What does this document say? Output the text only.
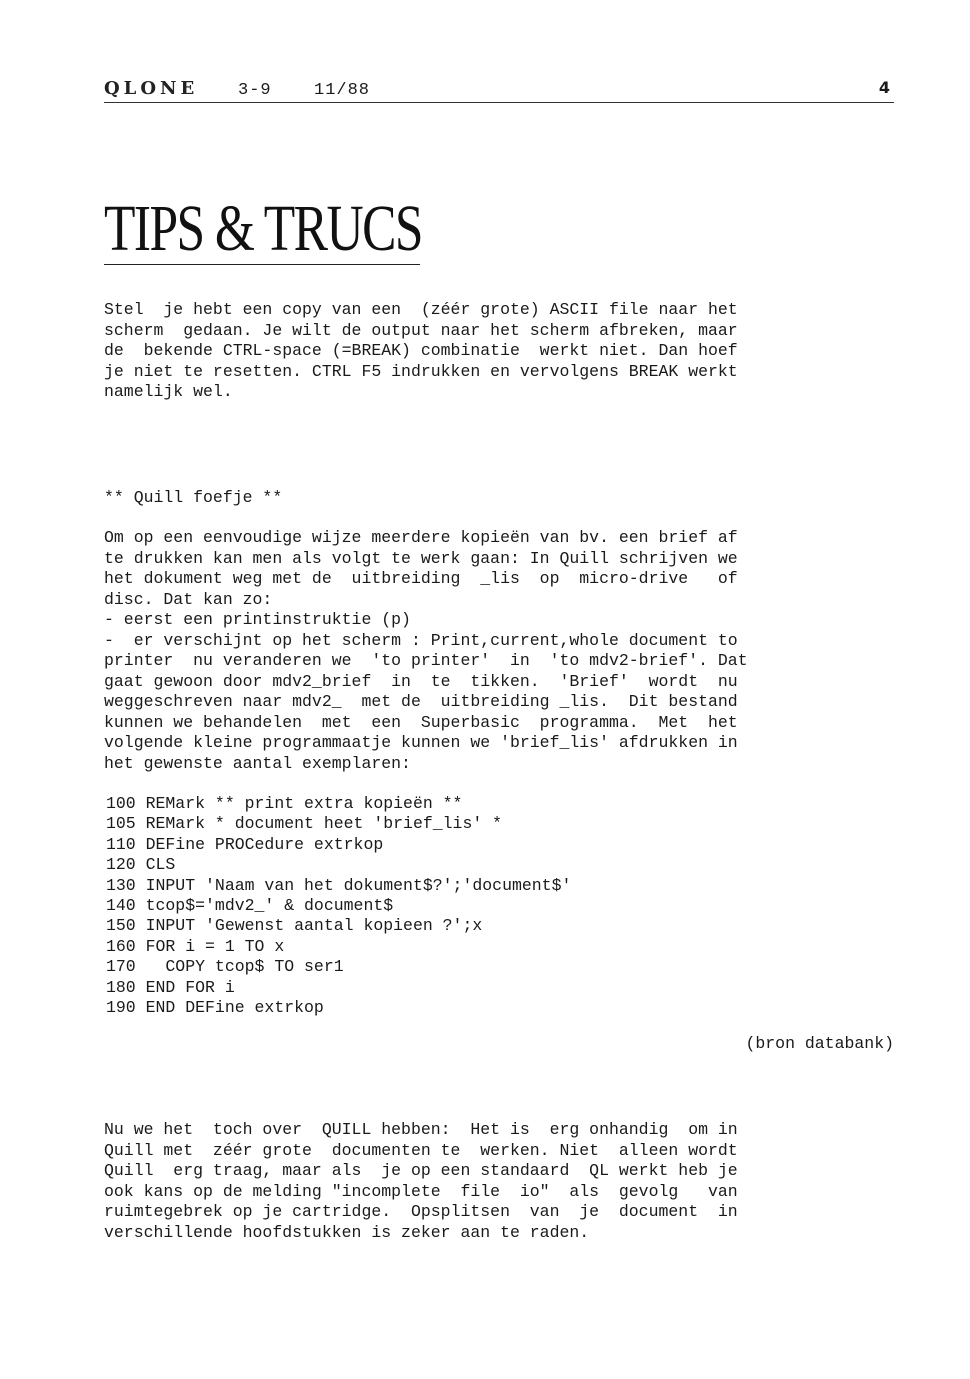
QLONE 3-9 11/88	4
TIPS & TRUCS
Stel  je hebt een copy van een  (zéér grote) ASCII file naar het
scherm  gedaan. Je wilt de output naar het scherm afbreken, maar
de  bekende CTRL-space (=BREAK) combinatie  werkt niet. Dan hoef
je niet te resetten. CTRL F5 indrukken en vervolgens BREAK werkt
namelijk wel.
** Quill foefje **
Om op een eenvoudige wijze meerdere kopieën van bv. een brief af
te drukken kan men als volgt te werk gaan: In Quill schrijven we
het dokument weg met de  uitbreiding  _lis  op  micro-drive   of
disc. Dat kan zo:
- eerst een printinstruktie (p)
-  er verschijnt op het scherm : Print,current,whole document to
printer  nu veranderen we  'to printer'  in  'to mdv2-brief'. Dat
gaat gewoon door mdv2_brief  in  te  tikken.  'Brief'  wordt  nu
weggeschreven naar mdv2_  met de  uitbreiding _lis.  Dit bestand
kunnen we behandelen  met  een  Superbasic  programma.  Met  het
volgende kleine programmaatje kunnen we 'brief_lis' afdrukken in
het gewenste aantal exemplaren:
100 REMark ** print extra kopieën **
105 REMark * document heet 'brief_lis' *
110 DEFine PROCedure extrkop
120 CLS
130 INPUT 'Naam van het dokument$?';'document$'
140 tcop$='mdv2_' & document$
150 INPUT 'Gewenst aantal kopieen ?';x
160 FOR i = 1 TO x
170   COPY tcop$ TO ser1
180 END FOR i
190 END DEFine extrkop
(bron databank)
Nu we het  toch over  QUILL hebben:  Het is  erg onhandig  om in
Quill met  zéér grote  documenten te  werken. Niet  alleen wordt
Quill  erg traag, maar als  je op een standaard  QL werkt heb je
ook kans op de melding "incomplete  file  io"  als  gevolg   van
ruimtegebrek op je cartridge.  Opsplitsen  van  je  document  in
verschillende hoofdstukken is zeker aan te raden.
